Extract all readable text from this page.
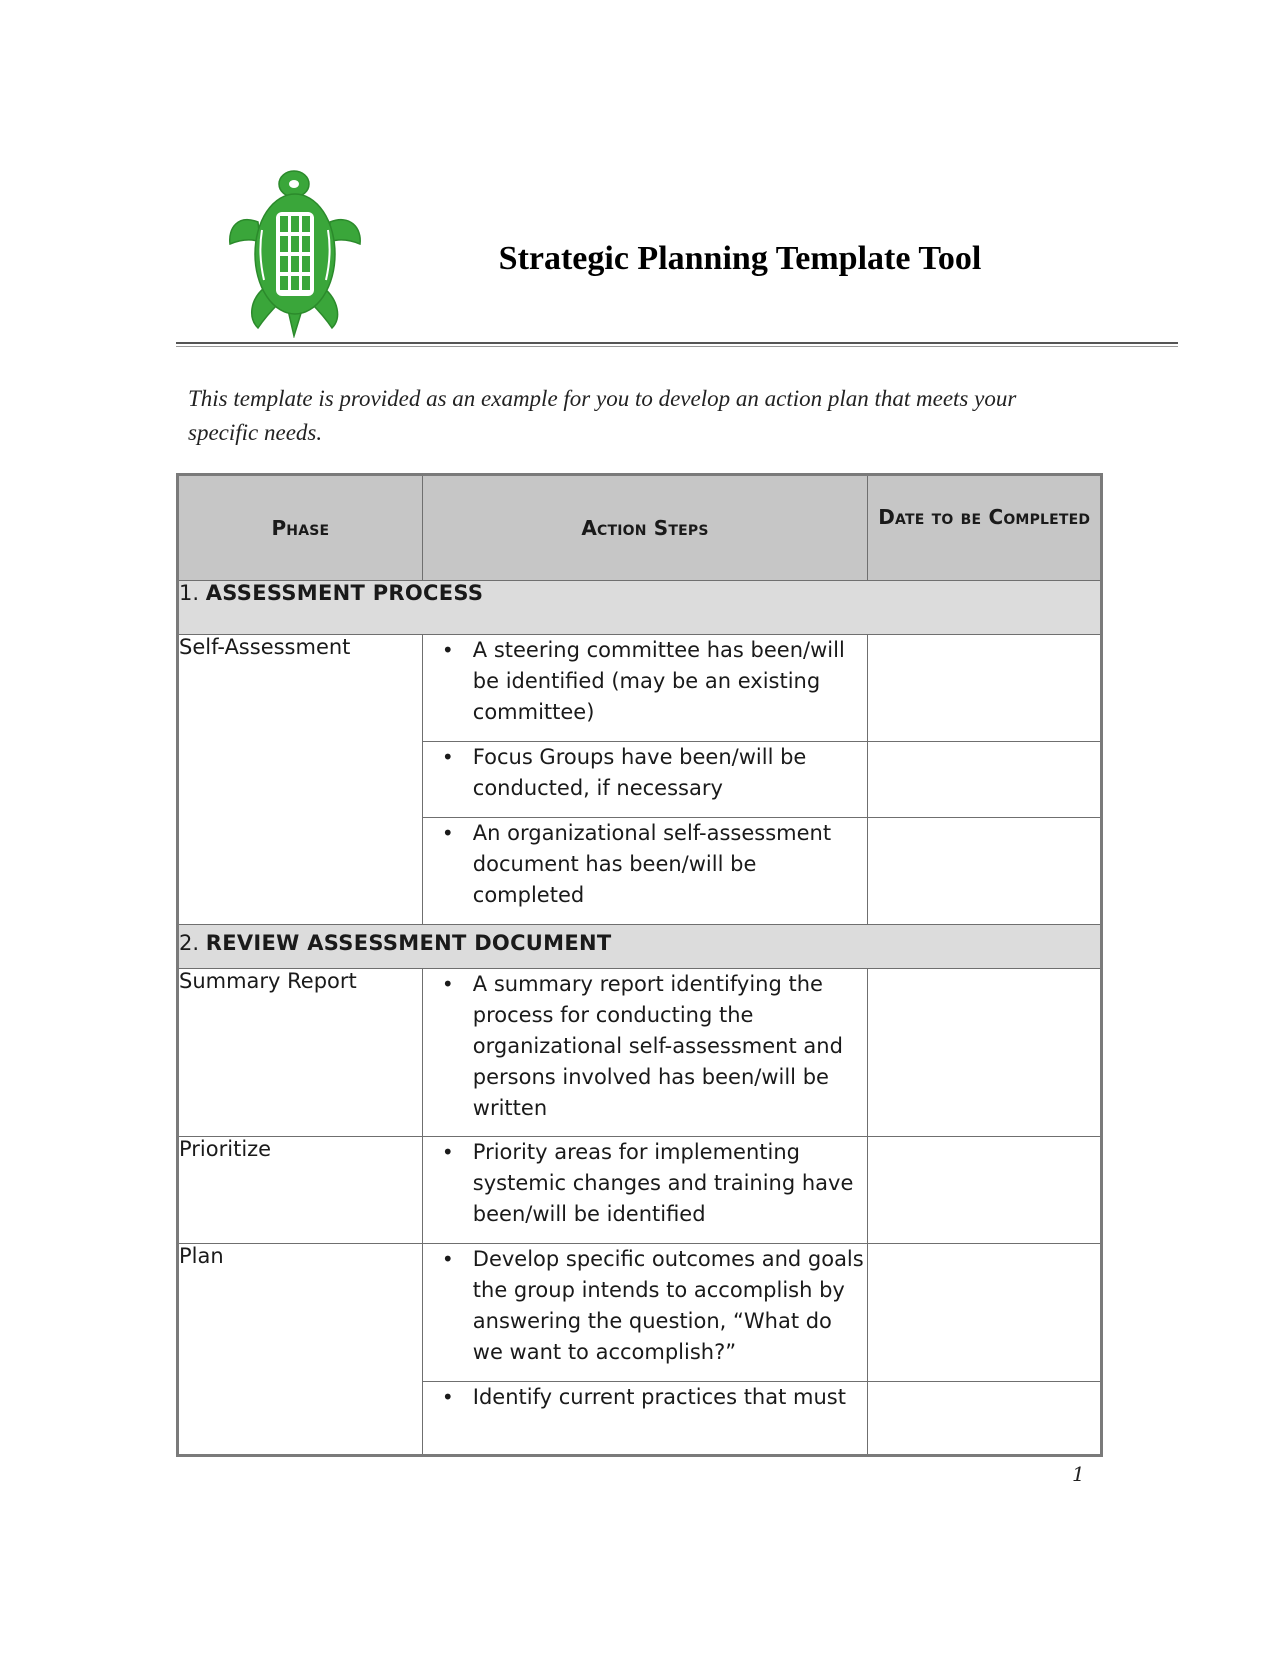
Strategic Planning Template Tool
This template is provided as an example for you to develop an action plan that meets your specific needs.
Phase	Action Steps	Date to be Completed
1. ASSESSMENT PROCESS		
Self-Assessment	• A steering committee has been/will be identified (may be an existing committee)	

	• Focus Groups have been/will be conducted, if necessary	

	• An organizational self-assessment document has been/will be completed	

2. REVIEW ASSESSMENT DOCUMENT		
Summary Report	• A summary report identifying the process for conducting the organizational self-assessment and persons involved has been/will be written	

Prioritize	• Priority areas for implementing systemic changes and training have been/will be identified	

Plan	• Develop specific outcomes and goals the group intends to accomplish by answering the question, “What do we want to accomplish?”	

	• Identify current practices that must	

1
